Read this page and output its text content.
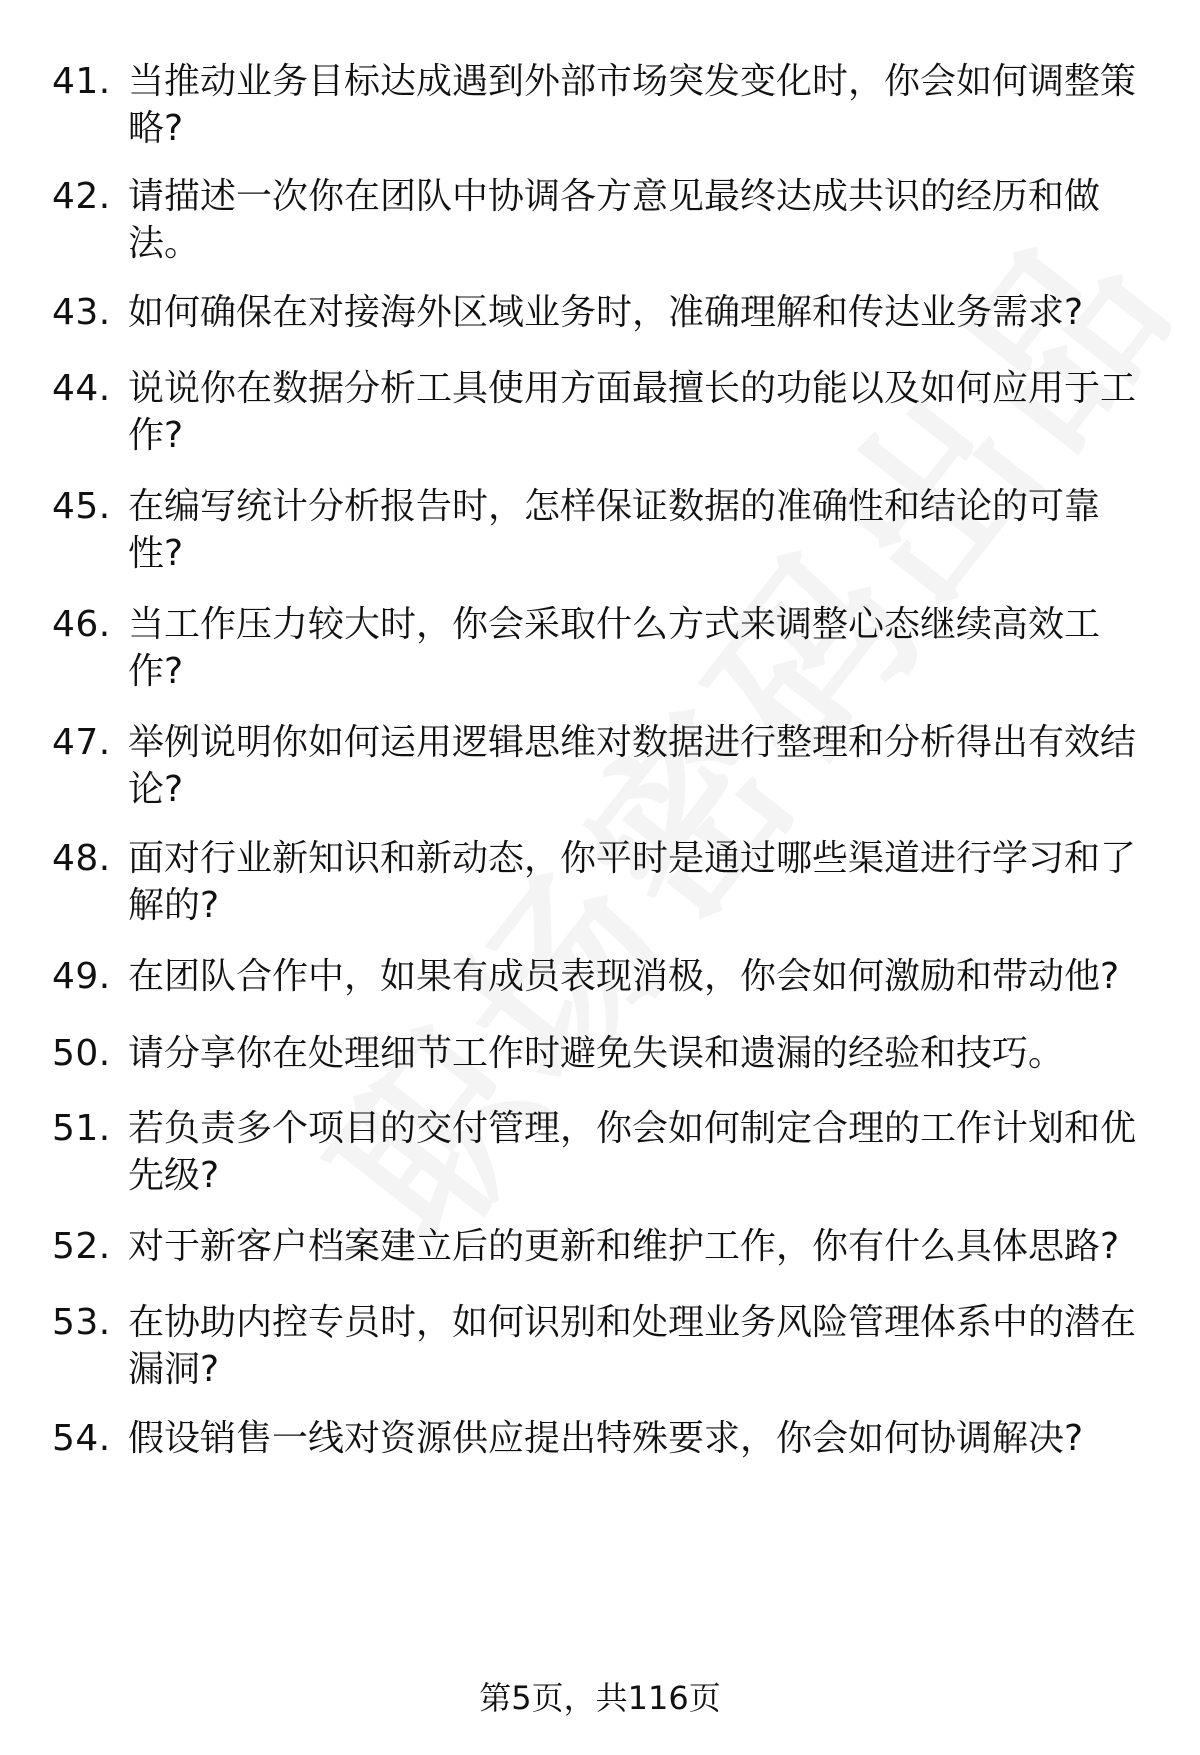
41. 当推动业务目标达成遇到外部市场突发变化时，你会如何调整策略?
42. 请描述一次你在团队中协调各方意见最终达成共识的经历和做法。
43. 如何确保在对接海外区域业务时，准确理解和传达业务需求?
44. 说说你在数据分析工具使用方面最擅长的功能以及如何应用于工作?
45. 在编写统计分析报告时，怎样保证数据的准确性和结论的可靠性?
46. 当工作压力较大时，你会采取什么方式来调整心态继续高效工作?
47. 举例说明你如何运用逻辑思维对数据进行整理和分析得出有效结论?
48. 面对行业新知识和新动态，你平时是通过哪些渠道进行学习和了解的?
49. 在团队合作中，如果有成员表现消极，你会如何激励和带动他?
50. 请分享你在处理细节工作时避免失误和遗漏的经验和技巧。
51. 若负责多个项目的交付管理，你会如何制定合理的工作计划和优先级?
52. 对于新客户档案建立后的更新和维护工作，你有什么具体思路?
53. 在协助内控专员时，如何识别和处理业务风险管理体系中的潜在漏洞?
54. 假设销售一线对资源供应提出特殊要求，你会如何协调解决?
第5页，共116页
